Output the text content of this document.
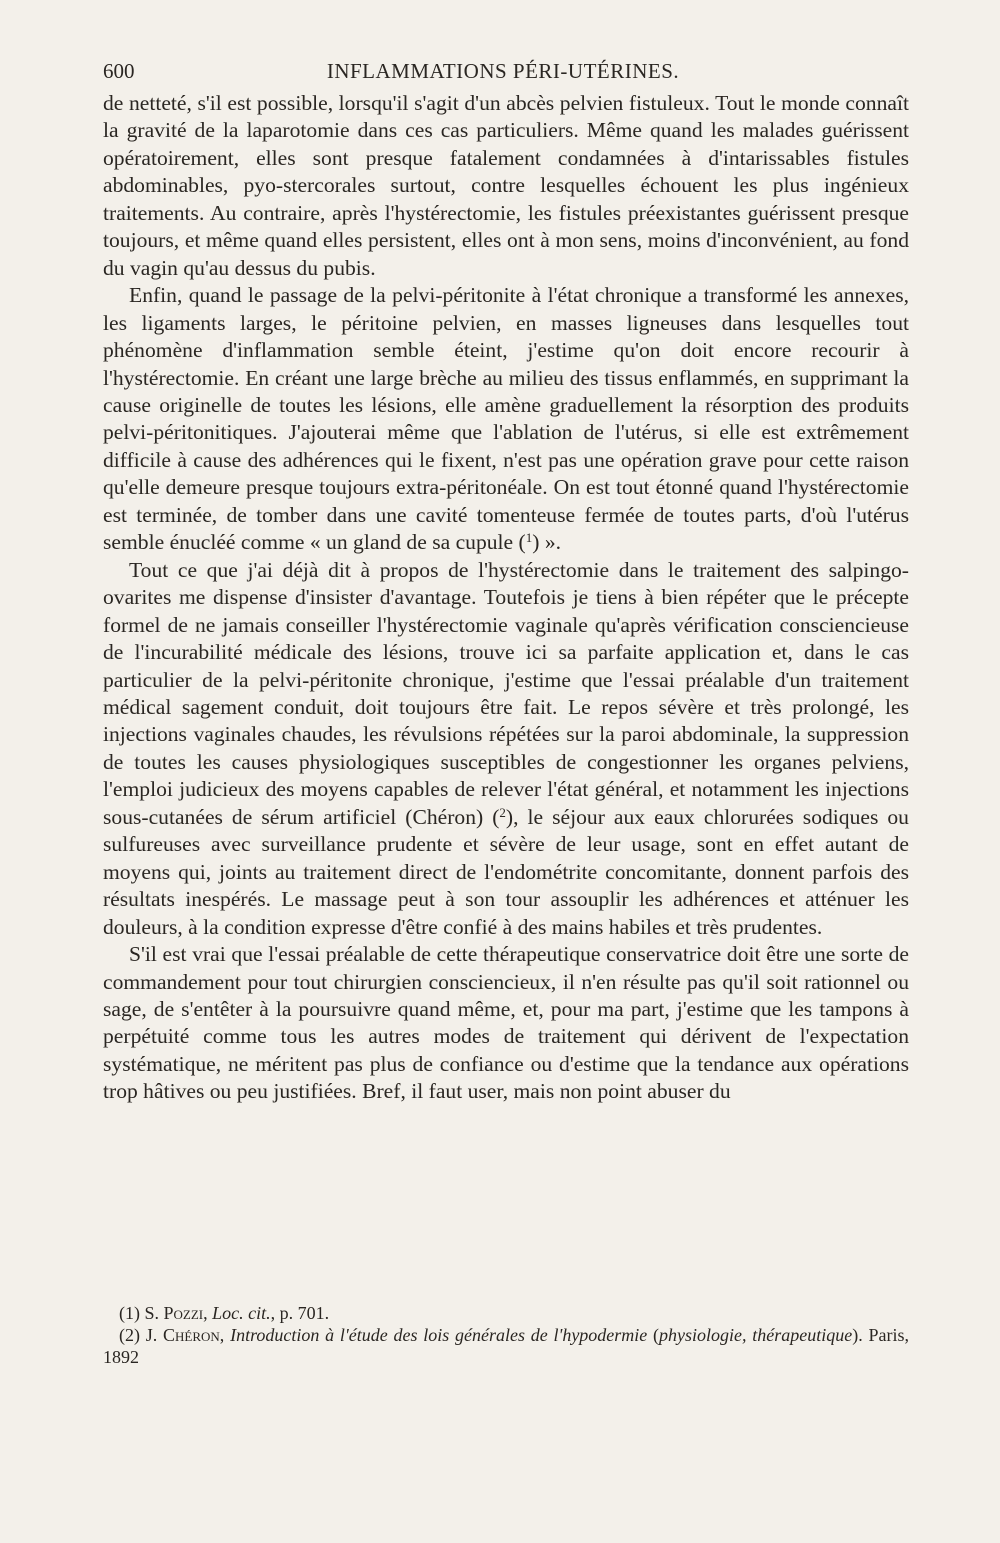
600	INFLAMMATIONS PÉRI-UTÉRINES.

de netteté, s'il est possible, lorsqu'il s'agit d'un abcès pelvien fistuleux. Tout le monde connaît la gravité de la laparotomie dans ces cas particuliers. Même quand les malades guérissent opératoirement, elles sont presque fatalement condamnées à d'intarissables fistules abdominables, pyo-stercorales surtout, contre lesquelles échouent les plus ingénieux traitements. Au contraire, après l'hystérectomie, les fistules préexistantes guérissent presque toujours, et même quand elles persistent, elles ont à mon sens, moins d'inconvénient, au fond du vagin qu'au dessus du pubis.

Enfin, quand le passage de la pelvi-péritonite à l'état chronique a transformé les annexes, les ligaments larges, le péritoine pelvien, en masses ligneuses dans lesquelles tout phénomène d'inflammation semble éteint, j'estime qu'on doit encore recourir à l'hystérectomie. En créant une large brèche au milieu des tissus enflammés, en supprimant la cause originelle de toutes les lésions, elle amène graduellement la résorption des produits pelvi-péritonitiques. J'ajouterai même que l'ablation de l'utérus, si elle est extrêmement difficile à cause des adhérences qui le fixent, n'est pas une opération grave pour cette raison qu'elle demeure presque toujours extra-péritonéale. On est tout étonné quand l'hystérectomie est terminée, de tomber dans une cavité tomenteuse fermée de toutes parts, d'où l'utérus semble énucléé comme « un gland de sa cupule ($^1$) ».

Tout ce que j'ai déjà dit à propos de l'hystérectomie dans le traitement des salpingo-ovarites me dispense d'insister d'avantage. Toutefois je tiens à bien répéter que le précepte formel de ne jamais conseiller l'hystérectomie vaginale qu'après vérification consciencieuse de l'incurabilité médicale des lésions, trouve ici sa parfaite application et, dans le cas particulier de la pelvi-péritonite chronique, j'estime que l'essai préalable d'un traitement médical sagement conduit, doit toujours être fait. Le repos sévère et très prolongé, les injections vaginales chaudes, les révulsions répétées sur la paroi abdominale, la suppression de toutes les causes physiologiques susceptibles de congestionner les organes pelviens, l'emploi judicieux des moyens capables de relever l'état général, et notamment les injections sous-cutanées de sérum artificiel (Chéron) ($^2$), le séjour aux eaux chlorurées sodiques ou sulfureuses avec surveillance prudente et sévère de leur usage, sont en effet autant de moyens qui, joints au traitement direct de l'endométrite concomitante, donnent parfois des résultats inespérés. Le massage peut à son tour assouplir les adhérences et atténuer les douleurs, à la condition expresse d'être confié à des mains habiles et très prudentes.

S'il est vrai que l'essai préalable de cette thérapeutique conservatrice doit être une sorte de commandement pour tout chirurgien consciencieux, il n'en résulte pas qu'il soit rationnel ou sage, de s'entêter à la poursuivre quand même, et, pour ma part, j'estime que les tampons à perpétuité comme tous les autres modes de traitement qui dérivent de l'expectation systématique, ne méritent pas plus de confiance ou d'estime que la tendance aux opérations trop hâtives ou peu justifiées. Bref, il faut user, mais non point abuser du

(1) S. Pozzi, Loc. cit., p. 701.

(2) J. Chéron, Introduction à l'étude des lois générales de l'hypodermie (physiologie, thérapeutique). Paris, 1892
